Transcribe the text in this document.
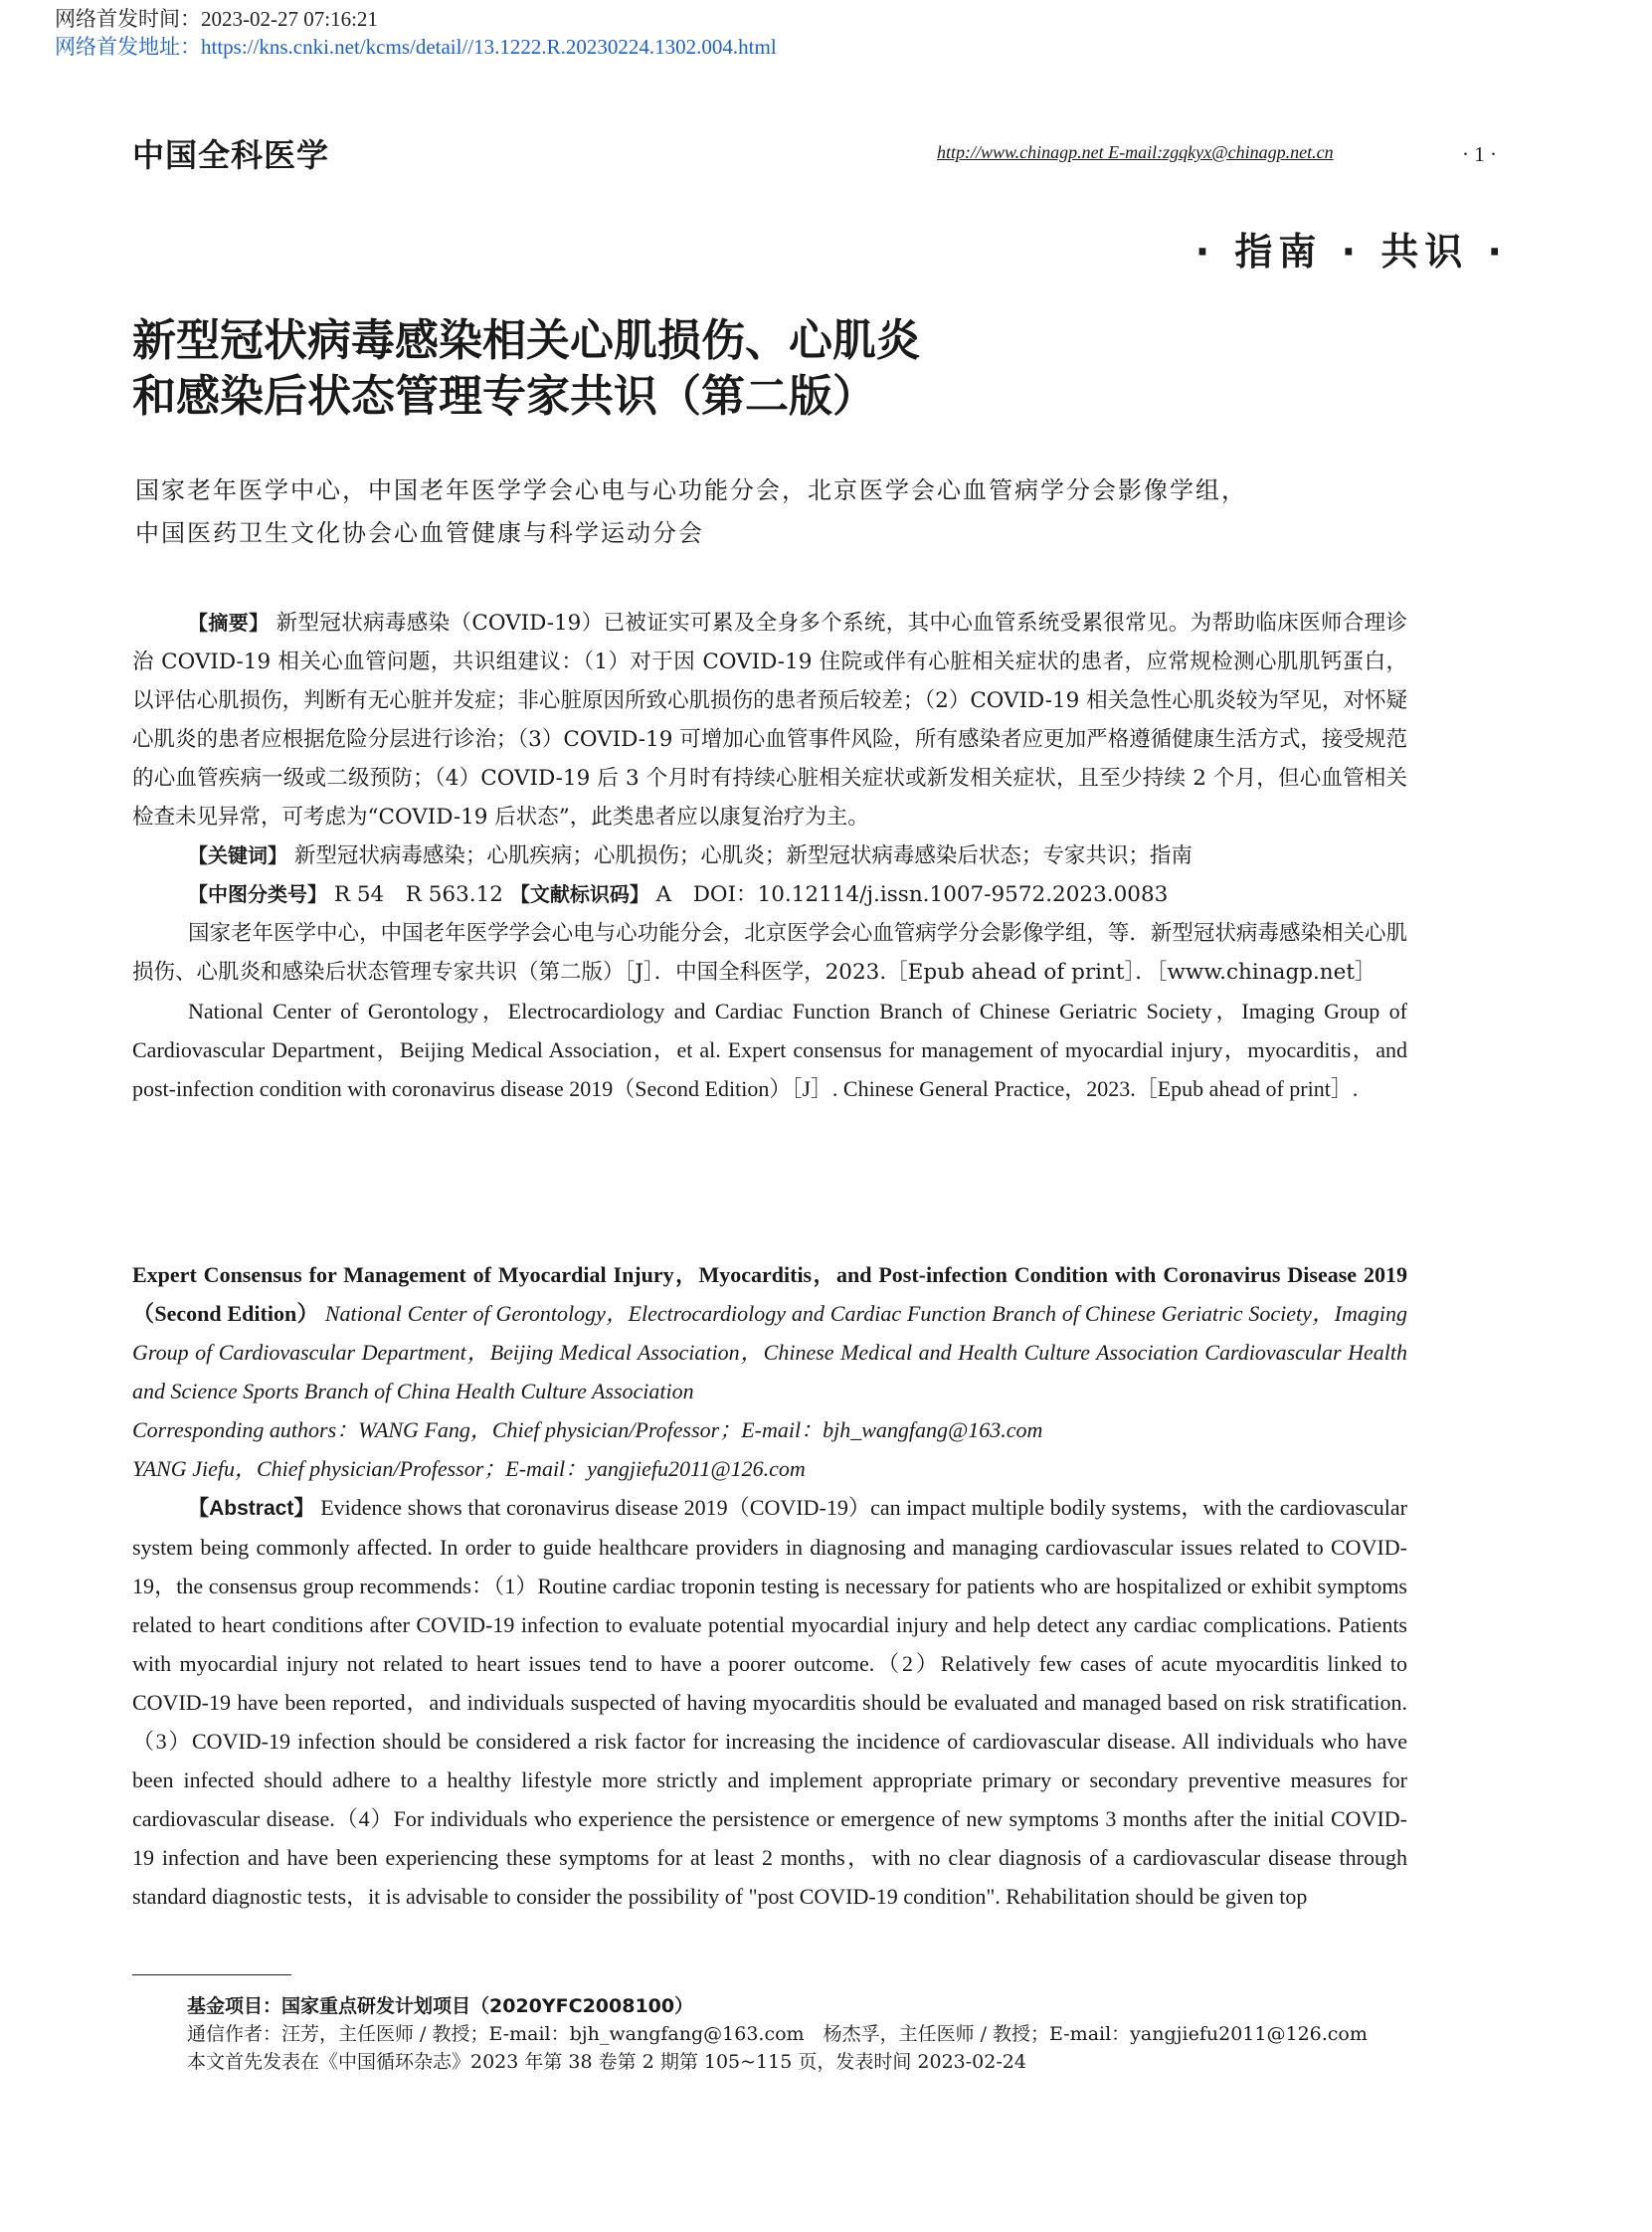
网络首发时间：2023-02-27 07:16:21
网络首发地址：https://kns.cnki.net/kcms/detail//13.1222.R.20230224.1302.004.html
中国全科医学	http://www.chinagp.net E-mail:zgqkyx@chinagp.net.cn	· 1 ·
· 指南 · 共识 ·
新型冠状病毒感染相关心肌损伤、心肌炎
和感染后状态管理专家共识（第二版）
国家老年医学中心，中国老年医学学会心电与心功能分会，北京医学会心血管病学分会影像学组，
中国医药卫生文化协会心血管健康与科学运动分会

【摘要】 新型冠状病毒感染（COVID-19）已被证实可累及全身多个系统，其中心血管系统受累很常见。为帮助临床医师合理诊治 COVID-19 相关心血管问题，共识组建议：（1）对于因 COVID-19 住院或伴有心脏相关症状的患者，应常规检测心肌肌钙蛋白，以评估心肌损伤，判断有无心脏并发症；非心脏原因所致心肌损伤的患者预后较差；（2）COVID-19 相关急性心肌炎较为罕见，对怀疑心肌炎的患者应根据危险分层进行诊治；（3）COVID-19 可增加心血管事件风险，所有感染者应更加严格遵循健康生活方式，接受规范的心血管疾病一级或二级预防；（4）COVID-19 后 3 个月时有持续心脏相关症状或新发相关症状，且至少持续 2 个月，但心血管相关检查未见异常，可考虑为“COVID-19 后状态”，此类患者应以康复治疗为主。

【关键词】 新型冠状病毒感染；心肌疾病；心肌损伤；心肌炎；新型冠状病毒感染后状态；专家共识；指南

【中图分类号】 R 54　R 563.12 【文献标识码】 A　DOI：10.12114/j.issn.1007-9572.2023.0083

国家老年医学中心，中国老年医学学会心电与心功能分会，北京医学会心血管病学分会影像学组，等．新型冠状病毒感染相关心肌损伤、心肌炎和感染后状态管理专家共识（第二版）［J］．中国全科医学，2023.［Epub ahead of print］．［www.chinagp.net］

National Center of Gerontology，Electrocardiology and Cardiac Function Branch of Chinese Geriatric Society，Imaging Group of Cardiovascular Department，Beijing Medical Association，et al. Expert consensus for management of myocardial injury，myocarditis，and post-infection condition with coronavirus disease 2019（Second Edition）［J］. Chinese General Practice，2023.［Epub ahead of print］.

Expert Consensus for Management of Myocardial Injury，Myocarditis，and Post-infection Condition with Coronavirus Disease 2019（Second Edition） National Center of Gerontology，Electrocardiology and Cardiac Function Branch of Chinese Geriatric Society，Imaging Group of Cardiovascular Department，Beijing Medical Association，Chinese Medical and Health Culture Association Cardiovascular Health and Science Sports Branch of China Health Culture Association

Corresponding authors：WANG Fang，Chief physician/Professor；E-mail：bjh_wangfang@163.com

YANG Jiefu，Chief physician/Professor；E-mail：yangjiefu2011@126.com

【Abstract】 Evidence shows that coronavirus disease 2019（COVID-19）can impact multiple bodily systems，with the cardiovascular system being commonly affected. In order to guide healthcare providers in diagnosing and managing cardiovascular issues related to COVID-19，the consensus group recommends：（1）Routine cardiac troponin testing is necessary for patients who are hospitalized or exhibit symptoms related to heart conditions after COVID-19 infection to evaluate potential myocardial injury and help detect any cardiac complications. Patients with myocardial injury not related to heart issues tend to have a poorer outcome.（2）Relatively few cases of acute myocarditis linked to COVID-19 have been reported，and individuals suspected of having myocarditis should be evaluated and managed based on risk stratification.（3）COVID-19 infection should be considered a risk factor for increasing the incidence of cardiovascular disease. All individuals who have been infected should adhere to a healthy lifestyle more strictly and implement appropriate primary or secondary preventive measures for cardiovascular disease.（4）For individuals who experience the persistence or emergence of new symptoms 3 months after the initial COVID-19 infection and have been experiencing these symptoms for at least 2 months，with no clear diagnosis of a cardiovascular disease through standard diagnostic tests，it is advisable to consider the possibility of "post COVID-19 condition". Rehabilitation should be given top

基金项目：国家重点研发计划项目（2020YFC2008100）

通信作者：汪芳，主任医师 / 教授；E-mail：bjh_wangfang@163.com　杨杰孚，主任医师 / 教授；E-mail：yangjiefu2011@126.com

本文首先发表在《中国循环杂志》2023 年第 38 卷第 2 期第 105~115 页，发表时间 2023-02-24
